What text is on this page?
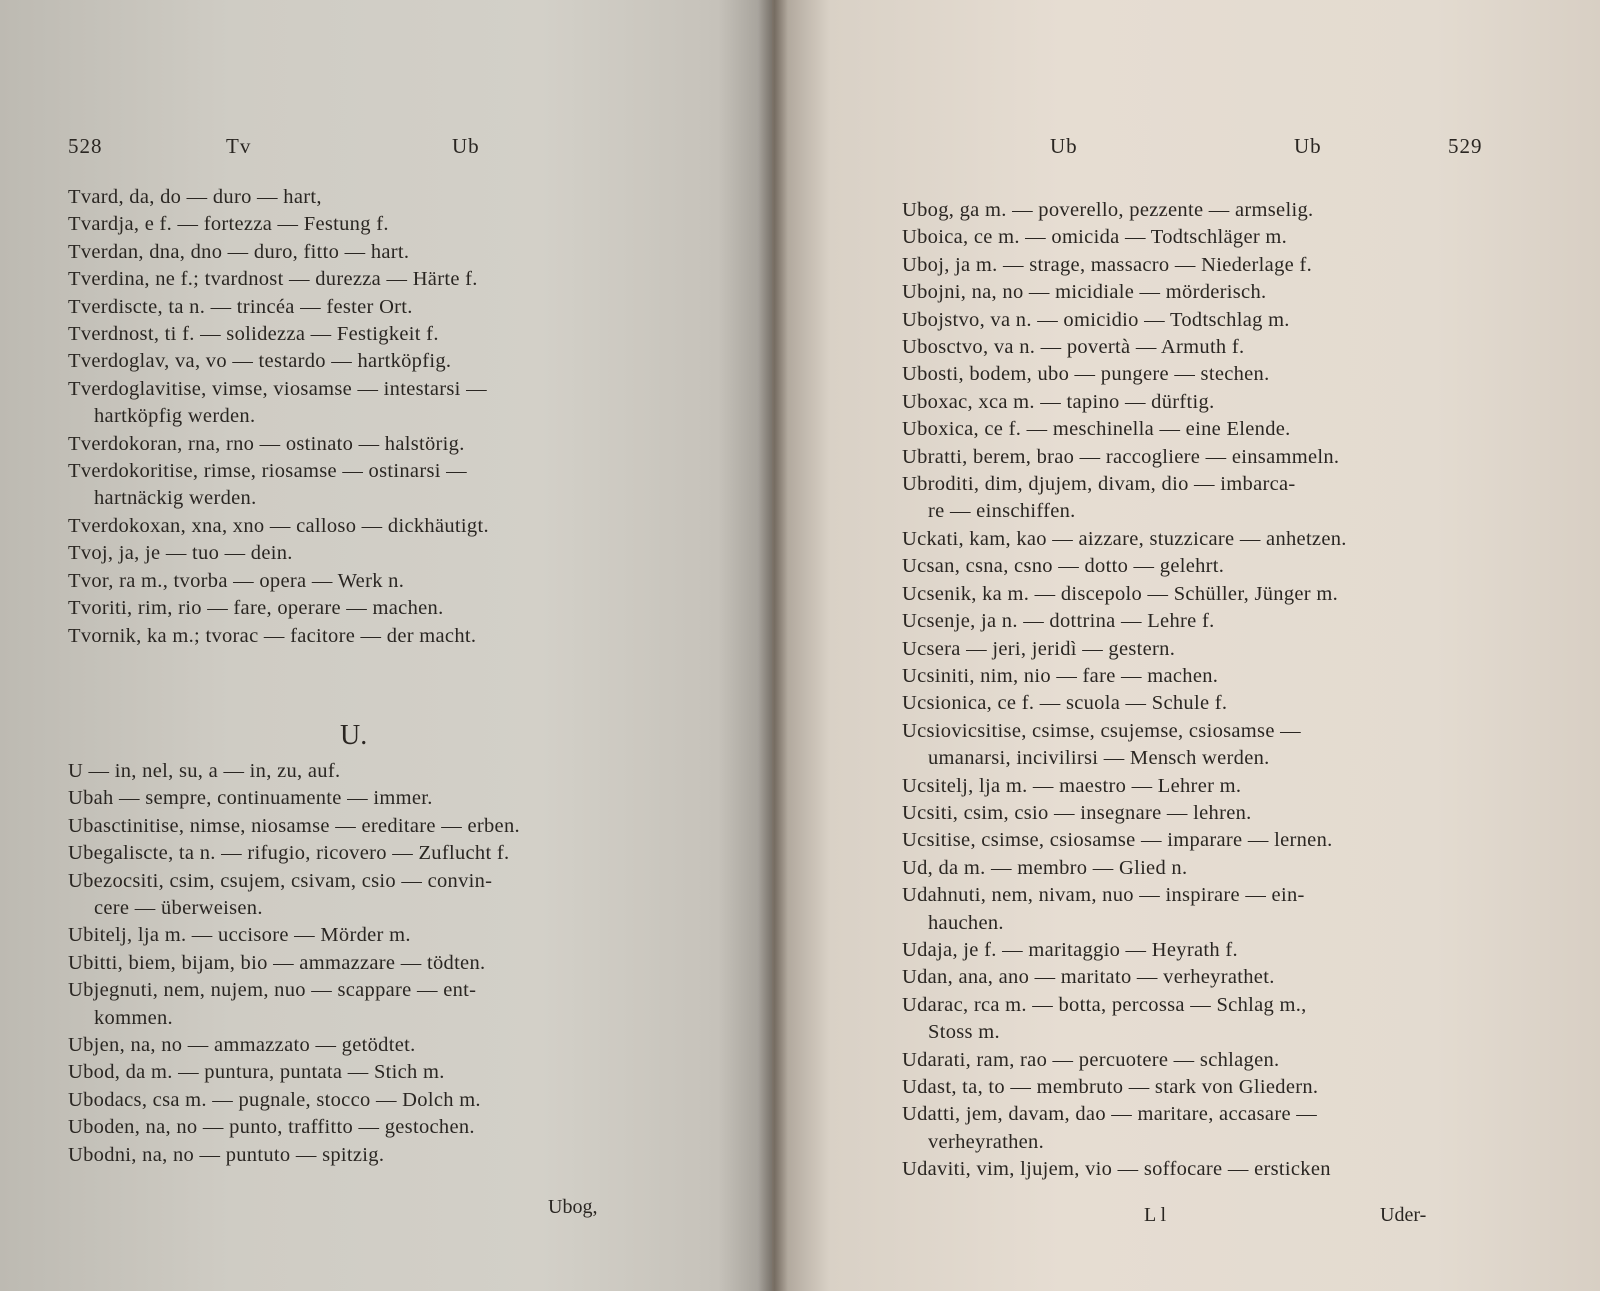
528	Tv	Ub
Tvard, da, do — duro — hart,
Tvardja, e f. — fortezza — Festung f.
Tverdan, dna, dno — duro, fitto — hart.
Tverdina, ne f.; tvardnost — durezza — Härte f.
Tverdiscte, ta n. — trincéa — fester Ort.
Tverdnost, ti f. — solidezza — Festigkeit f.
Tverdoglav, va, vo — testardo — hartköpfig.
Tverdoglavitise, vimse, viosamse — intestarsi —
hartköpfig werden.
Tverdokoran, rna, rno — ostinato — halstörig.
Tverdokoritise, rimse, riosamse — ostinarsi —
hartnäckig werden.
Tverdokoxan, xna, xno — calloso — dickhäutigt.
Tvoj, ja, je — tuo — dein.
Tvor, ra m., tvorba — opera — Werk n.
Tvoriti, rim, rio — fare, operare — machen.
Tvornik, ka m.; tvorac — facitore — der macht.
U.
U — in, nel, su, a — in, zu, auf.
Ubah — sempre, continuamente — immer.
Ubasctinitise, nimse, niosamse — ereditare — erben.
Ubegaliscte, ta n. — rifugio, ricovero — Zuflucht f.
Ubezocsiti, csim, csujem, csivam, csio — convin-
cere — überweisen.
Ubitelj, lja m. — uccisore — Mörder m.
Ubitti, biem, bijam, bio — ammazzare — tödten.
Ubjegnuti, nem, nujem, nuo — scappare — ent-
kommen.
Ubjen, na, no — ammazzato — getödtet.
Ubod, da m. — puntura, puntata — Stich m.
Ubodacs, csa m. — pugnale, stocco — Dolch m.
Uboden, na, no — punto, traffitto — gestochen.
Ubodni, na, no — puntuto — spitzig.
Ubog,
Ub	Ub	529
Ubog, ga m. — poverello, pezzente — armselig.
Uboica, ce m. — omicida — Todtschläger m.
Uboj, ja m. — strage, massacro — Niederlage f.
Ubojni, na, no — micidiale — mörderisch.
Ubojstvo, va n. — omicidio — Todtschlag m.
Ubosctvo, va n. — povertà — Armuth f.
Ubosti, bodem, ubo — pungere — stechen.
Uboxac, xca m. — tapino — dürftig.
Uboxica, ce f. — meschinella — eine Elende.
Ubratti, berem, brao — raccogliere — einsammeln.
Ubroditi, dim, djujem, divam, dio — imbarca-
re — einschiffen.
Uckati, kam, kao — aizzare, stuzzicare — anhetzen.
Ucsan, csna, csno — dotto — gelehrt.
Ucsenik, ka m. — discepolo — Schüller, Jünger m.
Ucsenje, ja n. — dottrina — Lehre f.
Ucsera — jeri, jeridì — gestern.
Ucsiniti, nim, nio — fare — machen.
Ucsionica, ce f. — scuola — Schule f.
Ucsiovicsitise, csimse, csujemse, csiosamse —
umanarsi, incivilirsi — Mensch werden.
Ucsitelj, lja m. — maestro — Lehrer m.
Ucsiti, csim, csio — insegnare — lehren.
Ucsitise, csimse, csiosamse — imparare — lernen.
Ud, da m. — membro — Glied n.
Udahnuti, nem, nivam, nuo — inspirare — ein-
hauchen.
Udaja, je f. — maritaggio — Heyrath f.
Udan, ana, ano — maritato — verheyrathet.
Udarac, rca m. — botta, percossa — Schlag m.,
Stoss m.
Udarati, ram, rao — percuotere — schlagen.
Udast, ta, to — membruto — stark von Gliedern.
Udatti, jem, davam, dao — maritare, accasare —
verheyrathen.
Udaviti, vim, ljujem, vio — soffocare — ersticken
L l	Uder-
